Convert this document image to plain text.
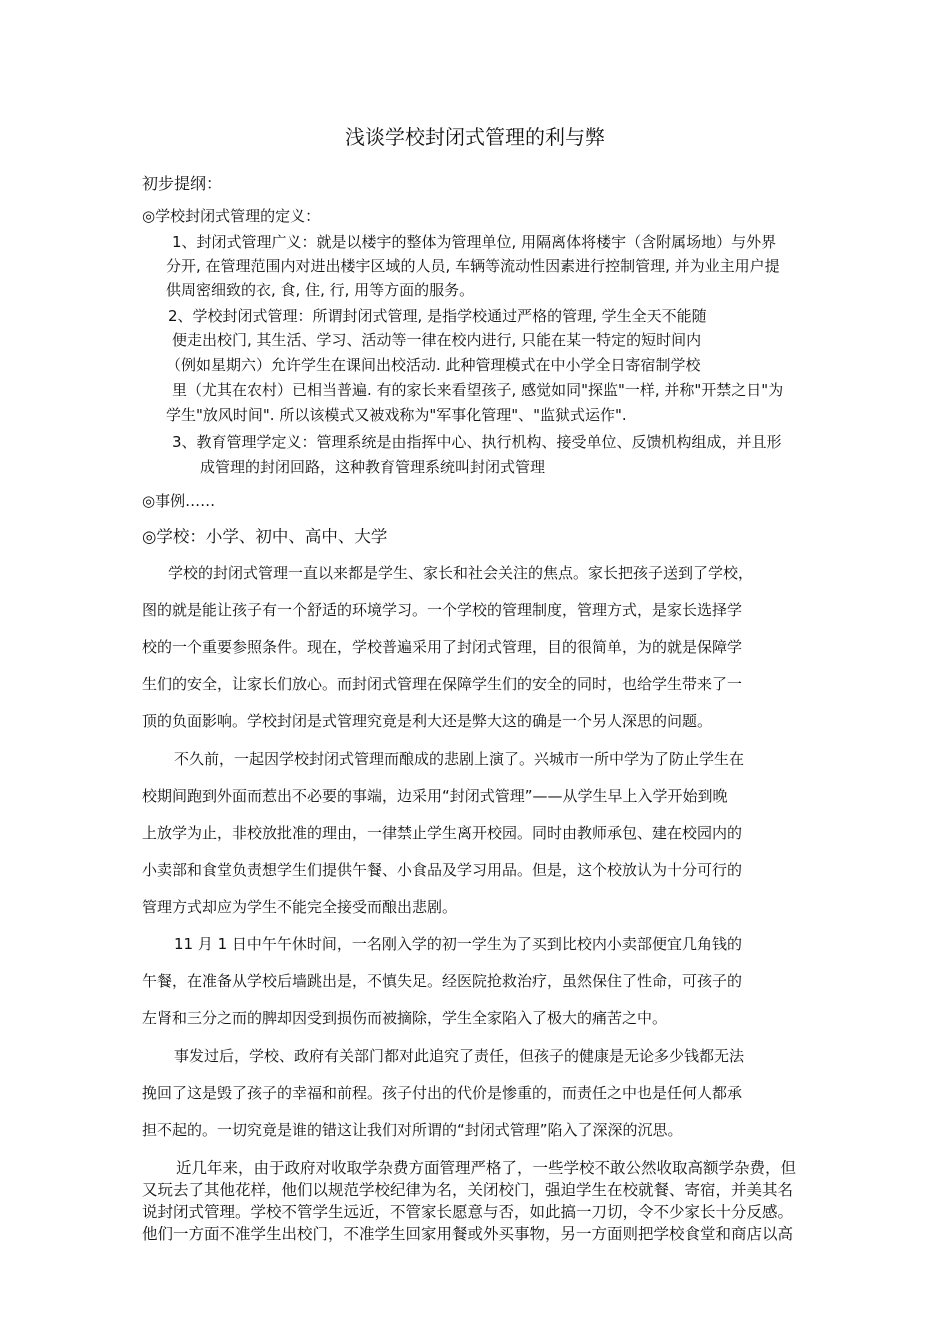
浅谈学校封闭式管理的利与弊
初步提纲：
◎学校封闭式管理的定义：
1、封闭式管理广义：就是以楼宇的整体为管理单位, 用隔离体将楼宇（含附属场地）与外界
分开, 在管理范围内对进出楼宇区域的人员, 车辆等流动性因素进行控制管理, 并为业主用户提
供周密细致的衣, 食, 住, 行, 用等方面的服务。
2、学校封闭式管理：所谓封闭式管理, 是指学校通过严格的管理, 学生全天不能随
便走出校门, 其生活、学习、活动等一律在校内进行, 只能在某一特定的短时间内
（例如星期六）允许学生在课间出校活动. 此种管理模式在中小学全日寄宿制学校
里（尤其在农村）已相当普遍. 有的家长来看望孩子, 感觉如同"探监"一样, 并称"开禁之日"为
学生"放风时间". 所以该模式又被戏称为"军事化管理"、"监狱式运作".
3、教育管理学定义：管理系统是由指挥中心、执行机构、接受单位、反馈机构组成，并且形
成管理的封闭回路，这种教育管理系统叫封闭式管理
◎事例……
◎学校：小学、初中、高中、大学
学校的封闭式管理一直以来都是学生、家长和社会关注的焦点。家长把孩子送到了学校，
图的就是能让孩子有一个舒适的环境学习。一个学校的管理制度，管理方式，是家长选择学
校的一个重要参照条件。现在，学校普遍采用了封闭式管理，目的很简单，为的就是保障学
生们的安全，让家长们放心。而封闭式管理在保障学生们的安全的同时，也给学生带来了一
顶的负面影响。学校封闭是式管理究竟是利大还是弊大这的确是一个另人深思的问题。
不久前，一起因学校封闭式管理而酿成的悲剧上演了。兴城市一所中学为了防止学生在
校期间跑到外面而惹出不必要的事端，边采用“封闭式管理”——从学生早上入学开始到晚
上放学为止，非校放批准的理由，一律禁止学生离开校园。同时由教师承包、建在校园内的
小卖部和食堂负责想学生们提供午餐、小食品及学习用品。但是，这个校放认为十分可行的
管理方式却应为学生不能完全接受而酿出悲剧。
11 月 1 日中午午休时间，一名刚入学的初一学生为了买到比校内小卖部便宜几角钱的
午餐，在准备从学校后墙跳出是，不慎失足。经医院抢救治疗，虽然保住了性命，可孩子的
左肾和三分之而的脾却因受到损伤而被摘除，学生全家陷入了极大的痛苦之中。
事发过后，学校、政府有关部门都对此追究了责任，但孩子的健康是无论多少钱都无法
挽回了这是毁了孩子的幸福和前程。孩子付出的代价是惨重的，而责任之中也是任何人都承
担不起的。一切究竟是谁的错这让我们对所谓的“封闭式管理”陷入了深深的沉思。
近几年来，由于政府对收取学杂费方面管理严格了，一些学校不敢公然收取高额学杂费，但
又玩去了其他花样，他们以规范学校纪律为名，关闭校门，强迫学生在校就餐、寄宿，并美其名
说封闭式管理。学校不管学生远近，不管家长愿意与否，如此搞一刀切，令不少家长十分反感。
他们一方面不准学生出校门，不准学生回家用餐或外买事物，另一方面则把学校食堂和商店以高
